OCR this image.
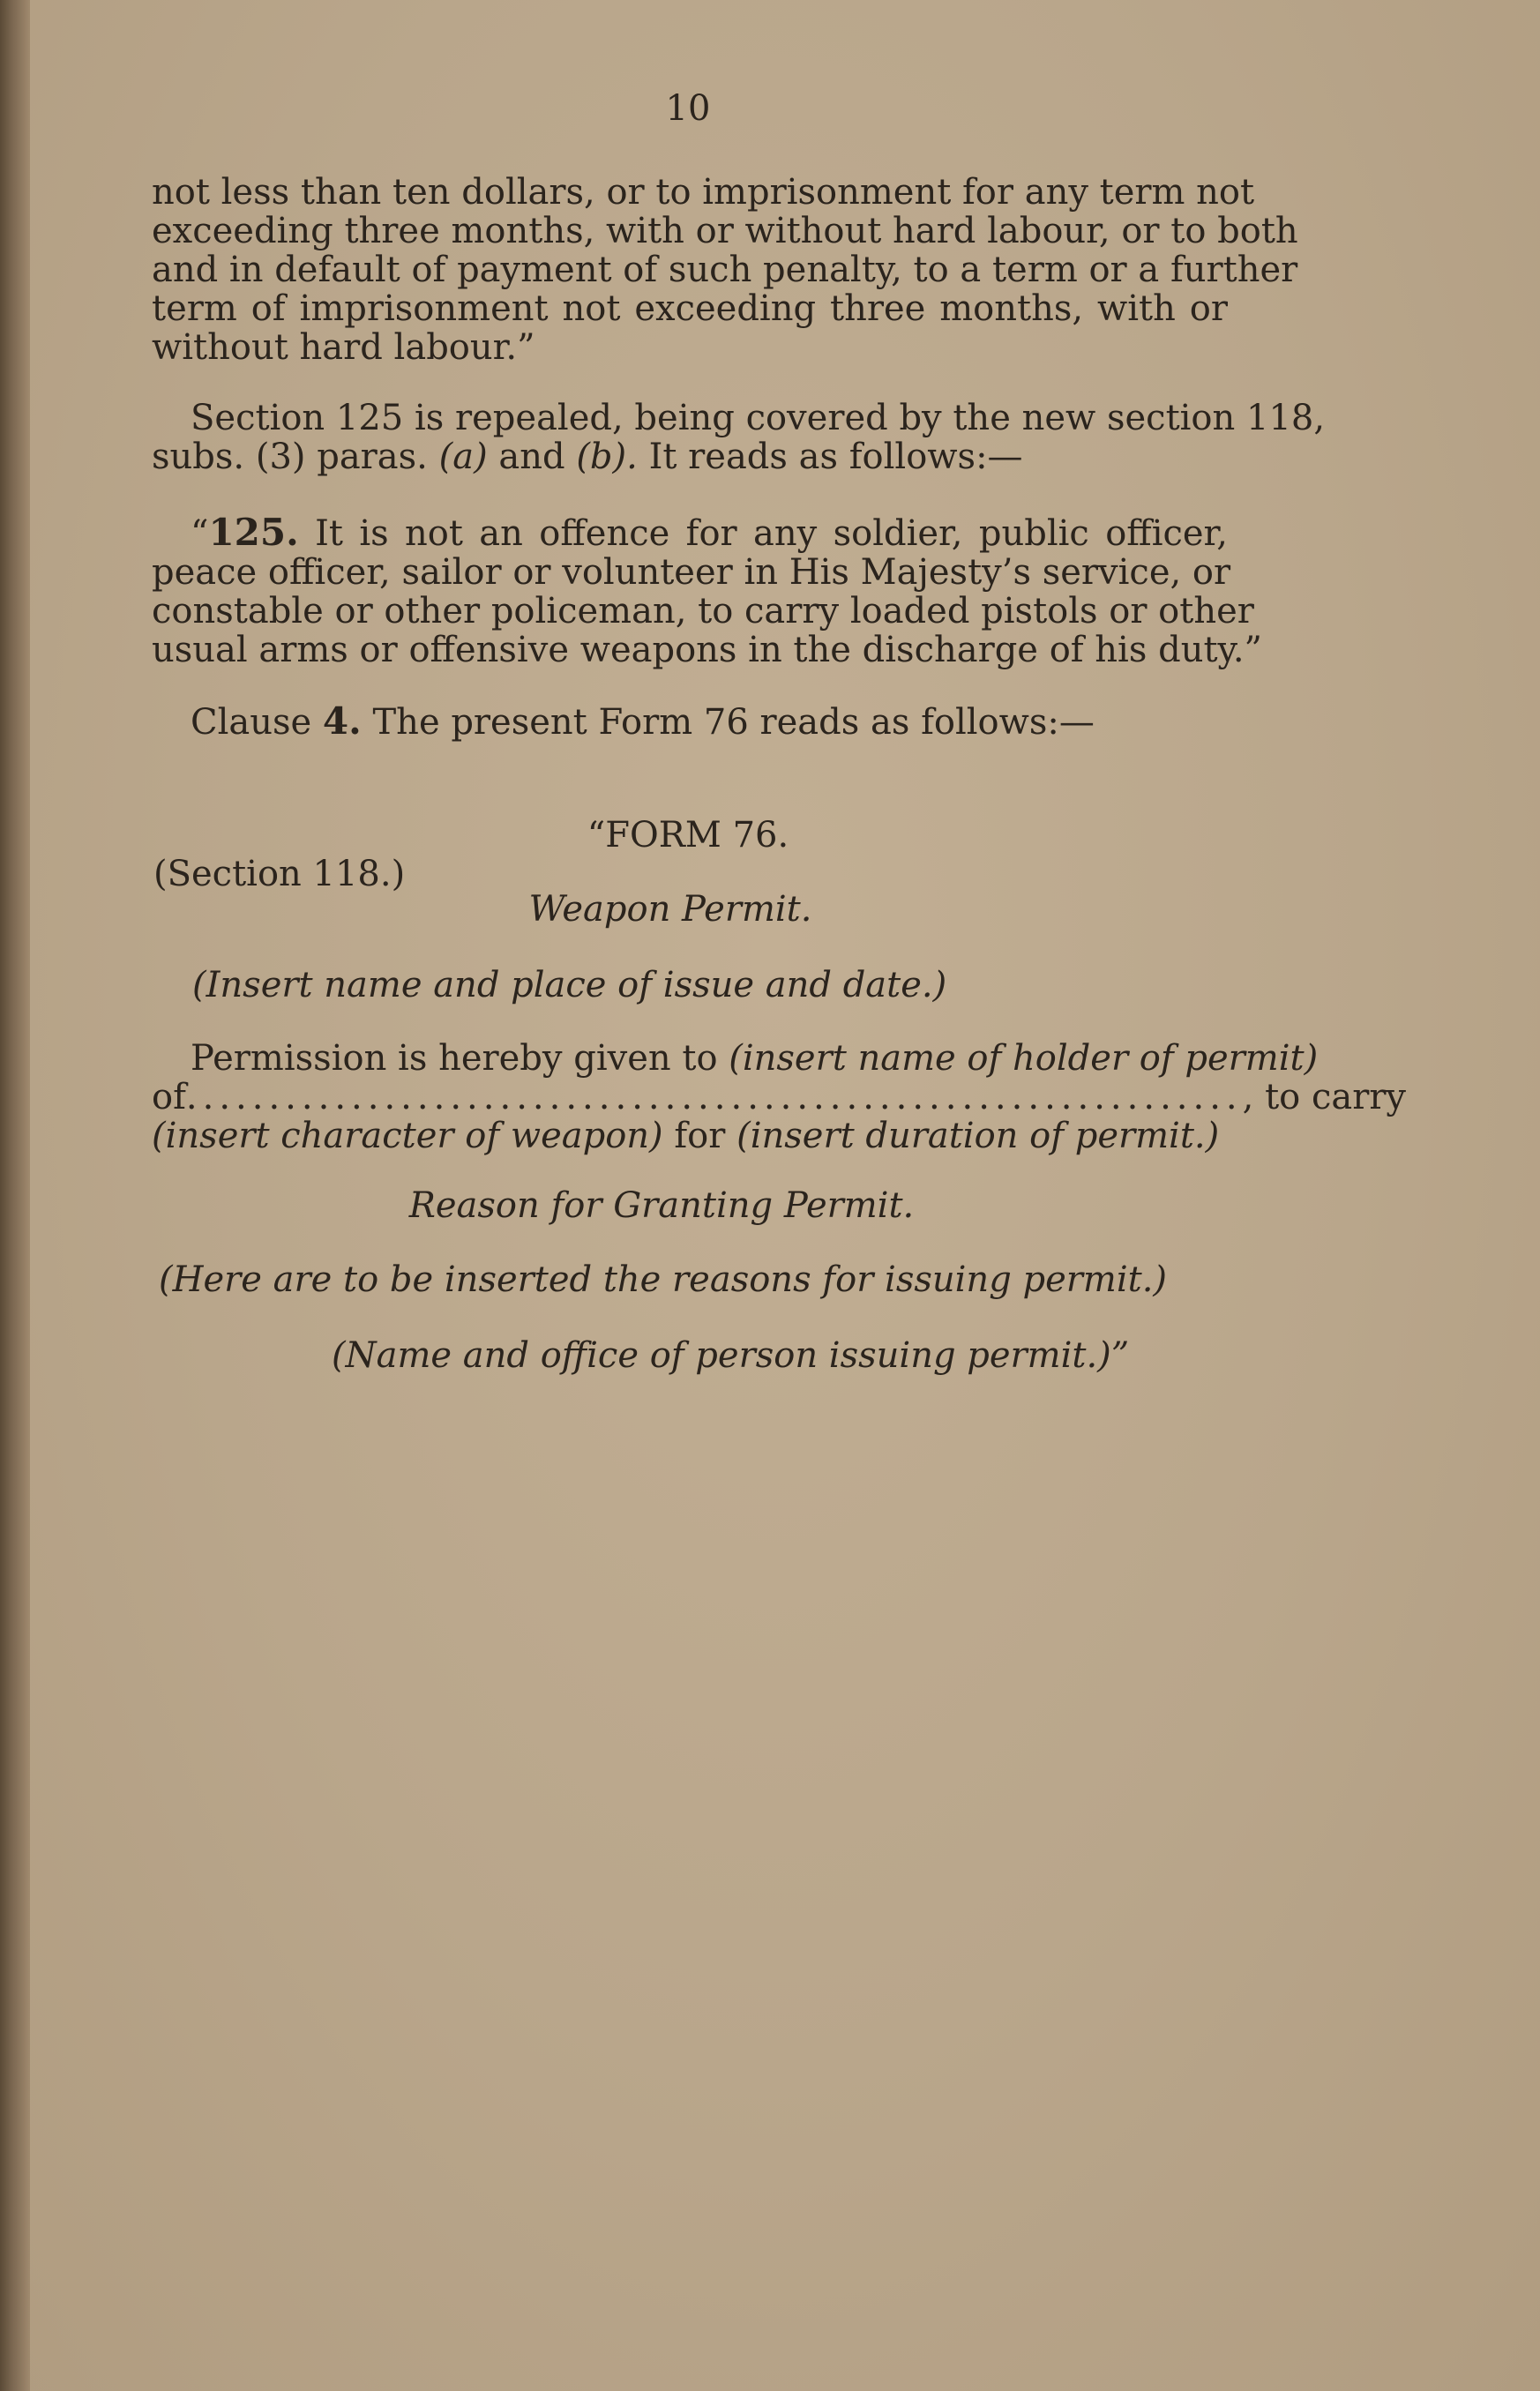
10
not less than ten dollars, or to imprisonment for any term not
exceeding three months, with or without hard labour, or to both
and in default of payment of such penalty, to a term or a further
term of imprisonment not exceeding three months, with or
without hard labour.”
Section 125 is repealed, being covered by the new section 118,
subs. (3) paras. (a) and (b). It reads as follows:—
“125. It is not an offence for any soldier, public officer,
peace officer, sailor or volunteer in His Majesty’s service, or
constable or other policeman, to carry loaded pistols or other
usual arms or offensive weapons in the discharge of his duty.”
Clause 4. The present Form 76 reads as follows:—
“FORM 76.
(Section 118.)
Weapon Permit.
(Insert name and place of issue and date.)
Permission is hereby given to (insert name of holder of permit)
of ................................................................ , to carry
(insert character of weapon) for (insert duration of permit.)
Reason for Granting Permit.
(Here are to be inserted the reasons for issuing permit.)
(Name and office of person issuing permit.)”
